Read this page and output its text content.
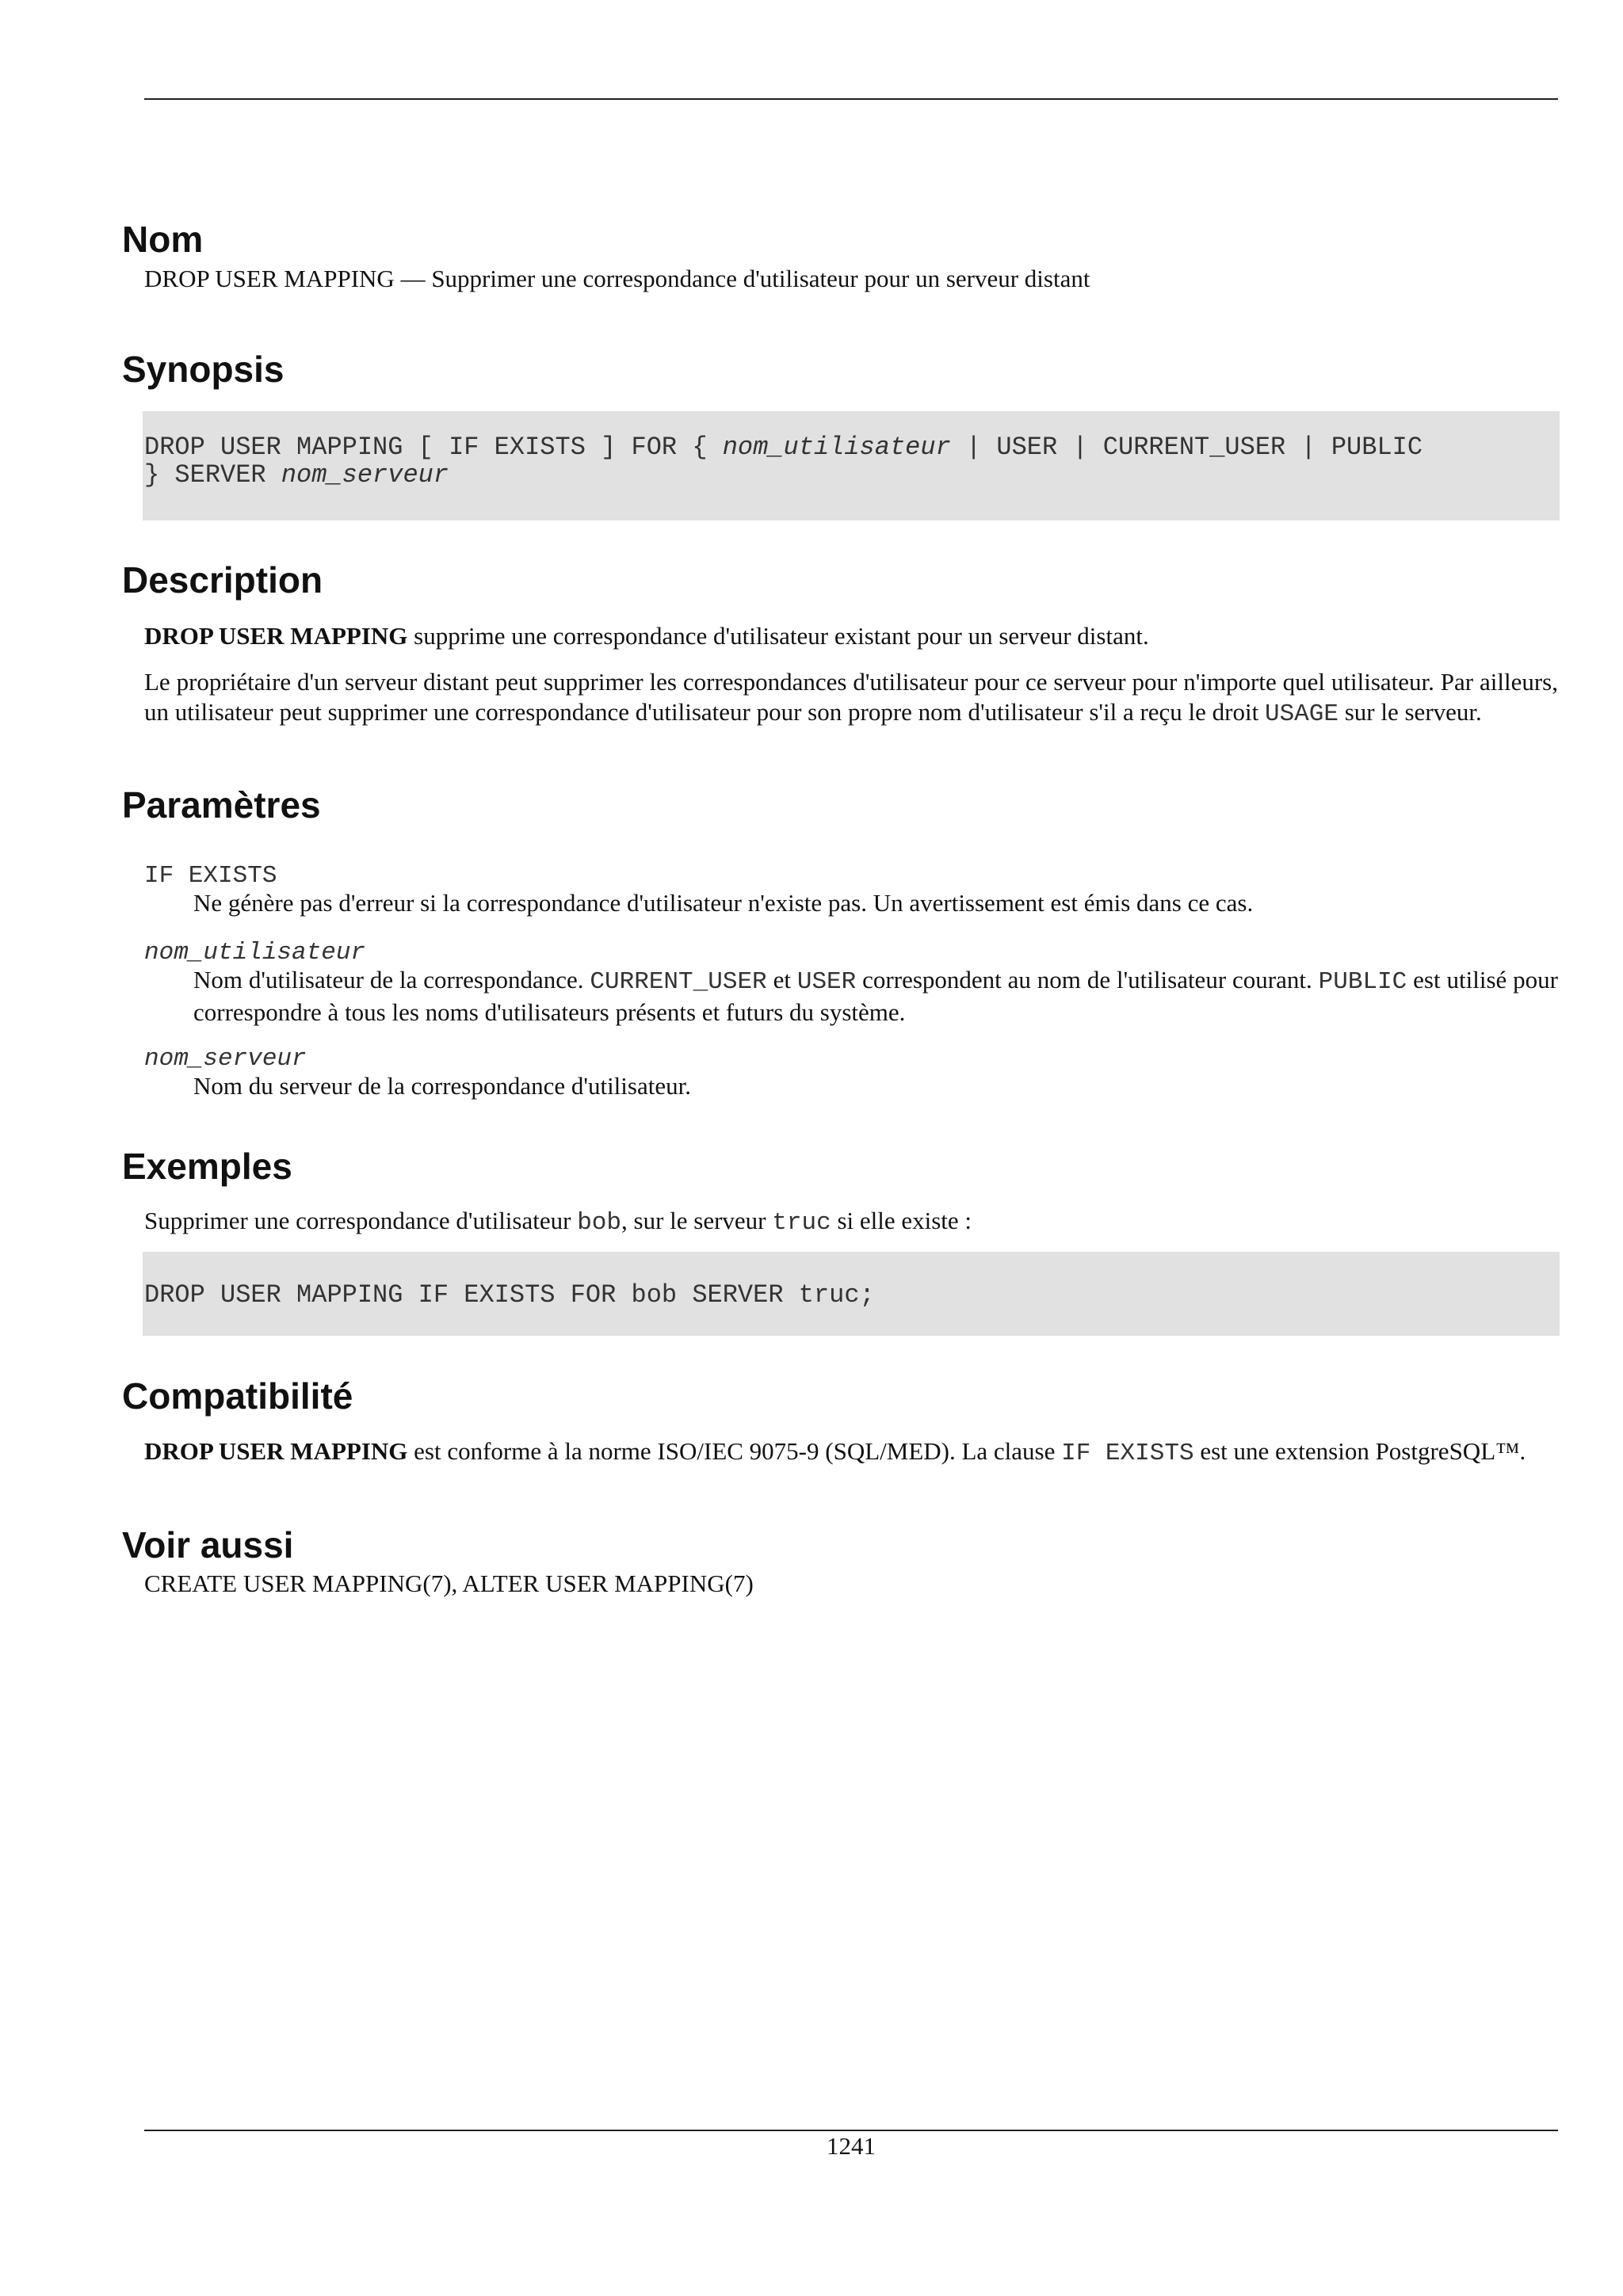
Nom

DROP USER MAPPING — Supprimer une correspondance d'utilisateur pour un serveur distant

Synopsis
DROP USER MAPPING [ IF EXISTS ] FOR { nom_utilisateur | USER | CURRENT_USER | PUBLIC
} SERVER nom_serveur
Description

DROP USER MAPPING supprime une correspondance d'utilisateur existant pour un serveur distant.

Le propriétaire d'un serveur distant peut supprimer les correspondances d'utilisateur pour ce serveur pour n'importe quel utilisateur. Par ailleurs, un utilisateur peut supprimer une correspondance d'utilisateur pour son propre nom d'utilisateur s'il a reçu le droit USAGE sur le serveur.

Paramètres
IF EXISTS

Ne génère pas d'erreur si la correspondance d'utilisateur n'existe pas. Un avertissement est émis dans ce cas.

nom_utilisateur

Nom d'utilisateur de la correspondance. CURRENT_USER et USER correspondent au nom de l'utilisateur courant. PUBLIC est utilisé pour correspondre à tous les noms d'utilisateurs présents et futurs du système.

nom_serveur

Nom du serveur de la correspondance d'utilisateur.

Exemples

Supprimer une correspondance d'utilisateur bob, sur le serveur truc si elle existe :

DROP USER MAPPING IF EXISTS FOR bob SERVER truc;
Compatibilité

DROP USER MAPPING est conforme à la norme ISO/IEC 9075-9 (SQL/MED). La clause IF EXISTS est une extension PostgreSQL™.

Voir aussi

CREATE USER MAPPING(7), ALTER USER MAPPING(7)

1241
